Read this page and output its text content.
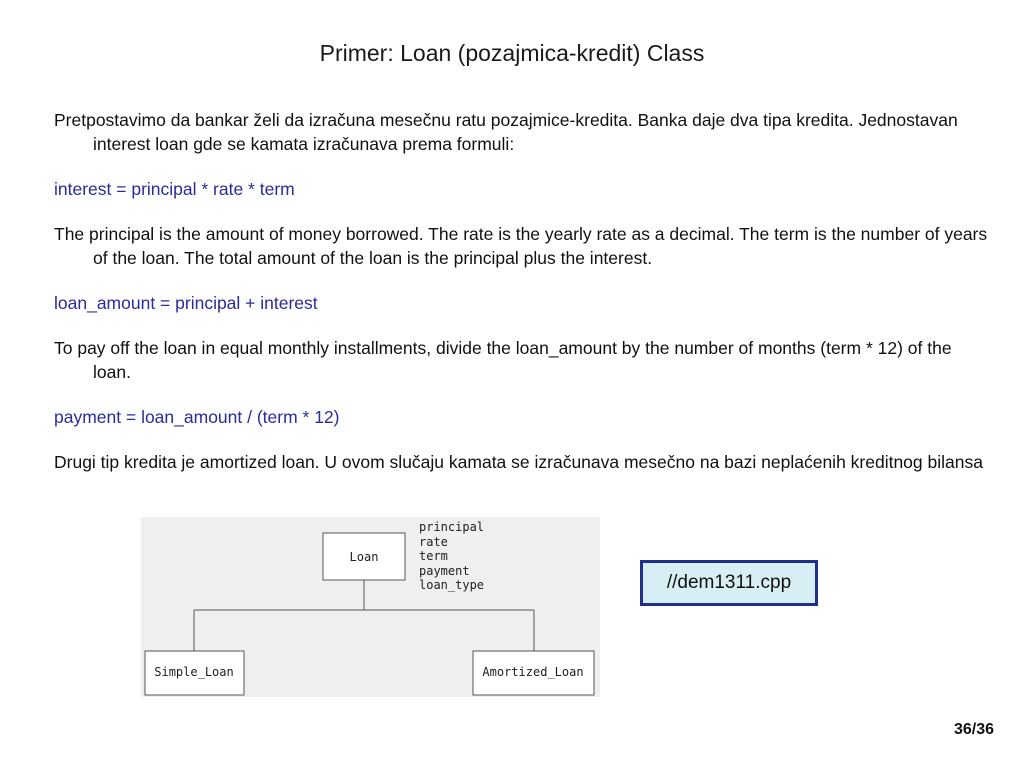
Primer: Loan (pozajmica-kredit) Class

Pretpostavimo da bankar želi da izračuna mesečnu ratu pozajmice-kredita. Banka daje dva tipa kredita. Jednostavan interest loan gde se kamata izračunava prema formuli:

interest = principal * rate * term

The principal is the amount of money borrowed. The rate is the yearly rate as a decimal. The term is the number of years of the loan. The total amount of the loan is the principal plus the interest.

loan_amount = principal + interest

To pay off the loan in equal monthly installments, divide the loan_amount by the number of months (term * 12) of the loan.

payment = loan_amount / (term * 12)

Drugi tip kredita je amortized loan. U ovom slučaju kamata se izračunava mesečno na bazi neplaćenih kreditnog bilansa

Loan
principal
rate
term
payment
loan_type
Simple_Loan	Amortized_Loan
//dem1311.cpp
36/36
